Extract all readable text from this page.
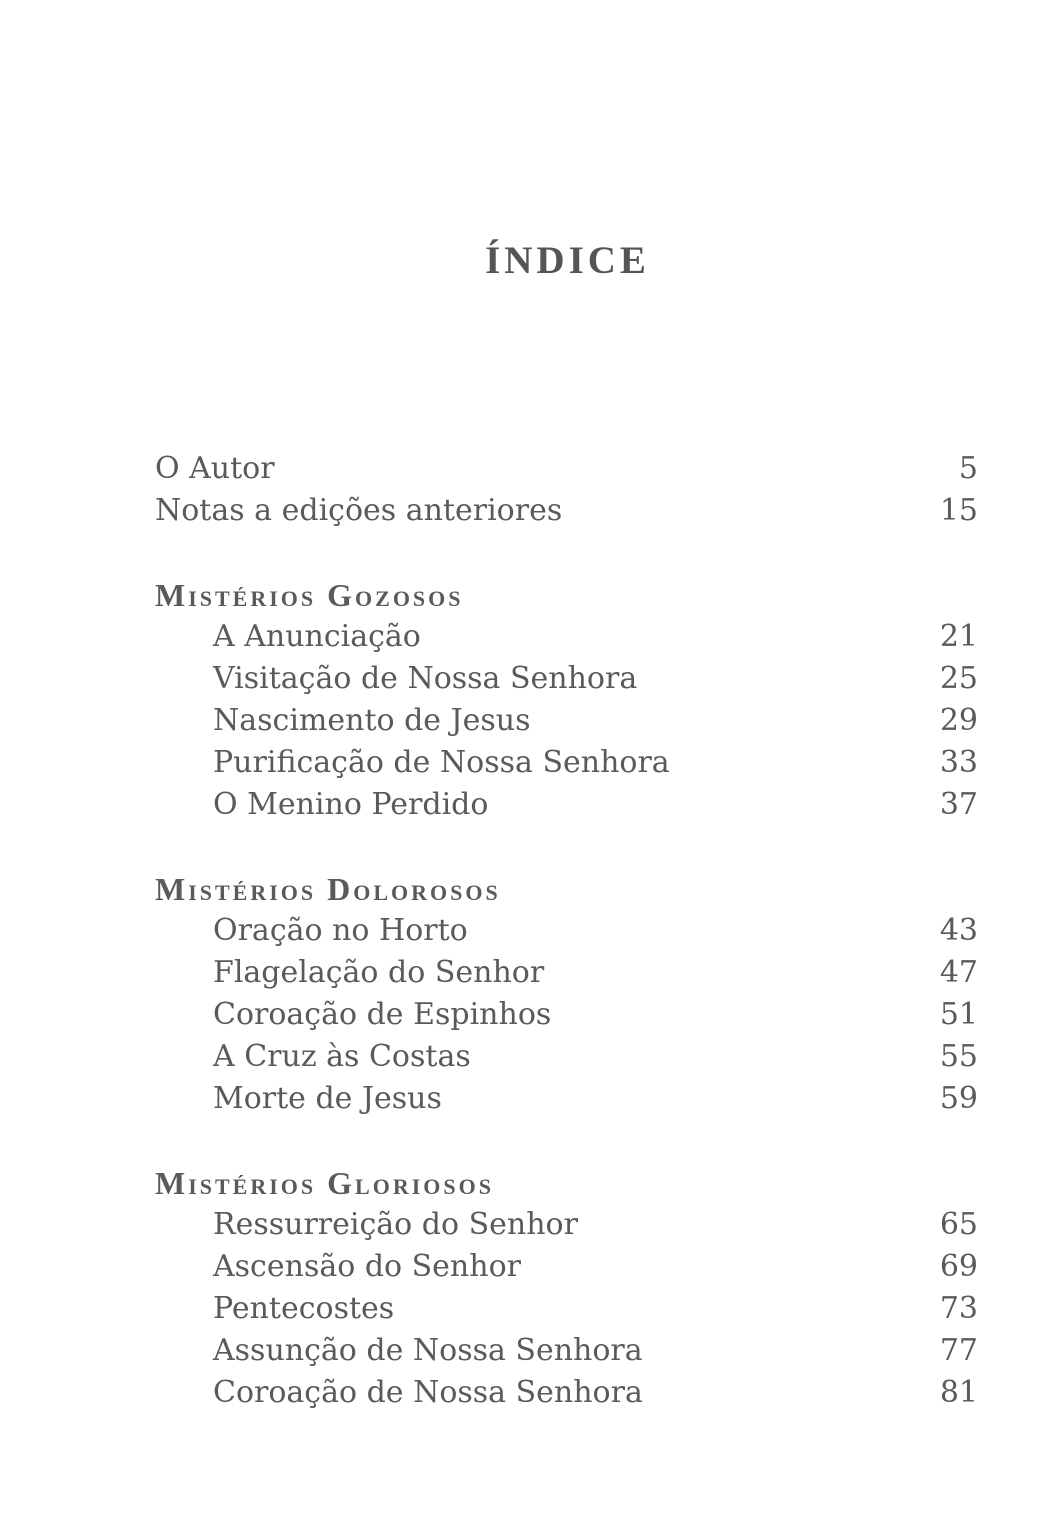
ÍNDICE
O Autor	5
Notas a edições anteriores	15
Mistérios Gozosos
A Anunciação	21
Visitação de Nossa Senhora	25
Nascimento de Jesus	29
Purificação de Nossa Senhora	33
O Menino Perdido	37
Mistérios Dolorosos
Oração no Horto	43
Flagelação do Senhor	47
Coroação de Espinhos	51
A Cruz às Costas	55
Morte de Jesus	59
Mistérios Gloriosos
Ressurreição do Senhor	65
Ascensão do Senhor	69
Pentecostes	73
Assunção de Nossa Senhora	77
Coroação de Nossa Senhora	81
